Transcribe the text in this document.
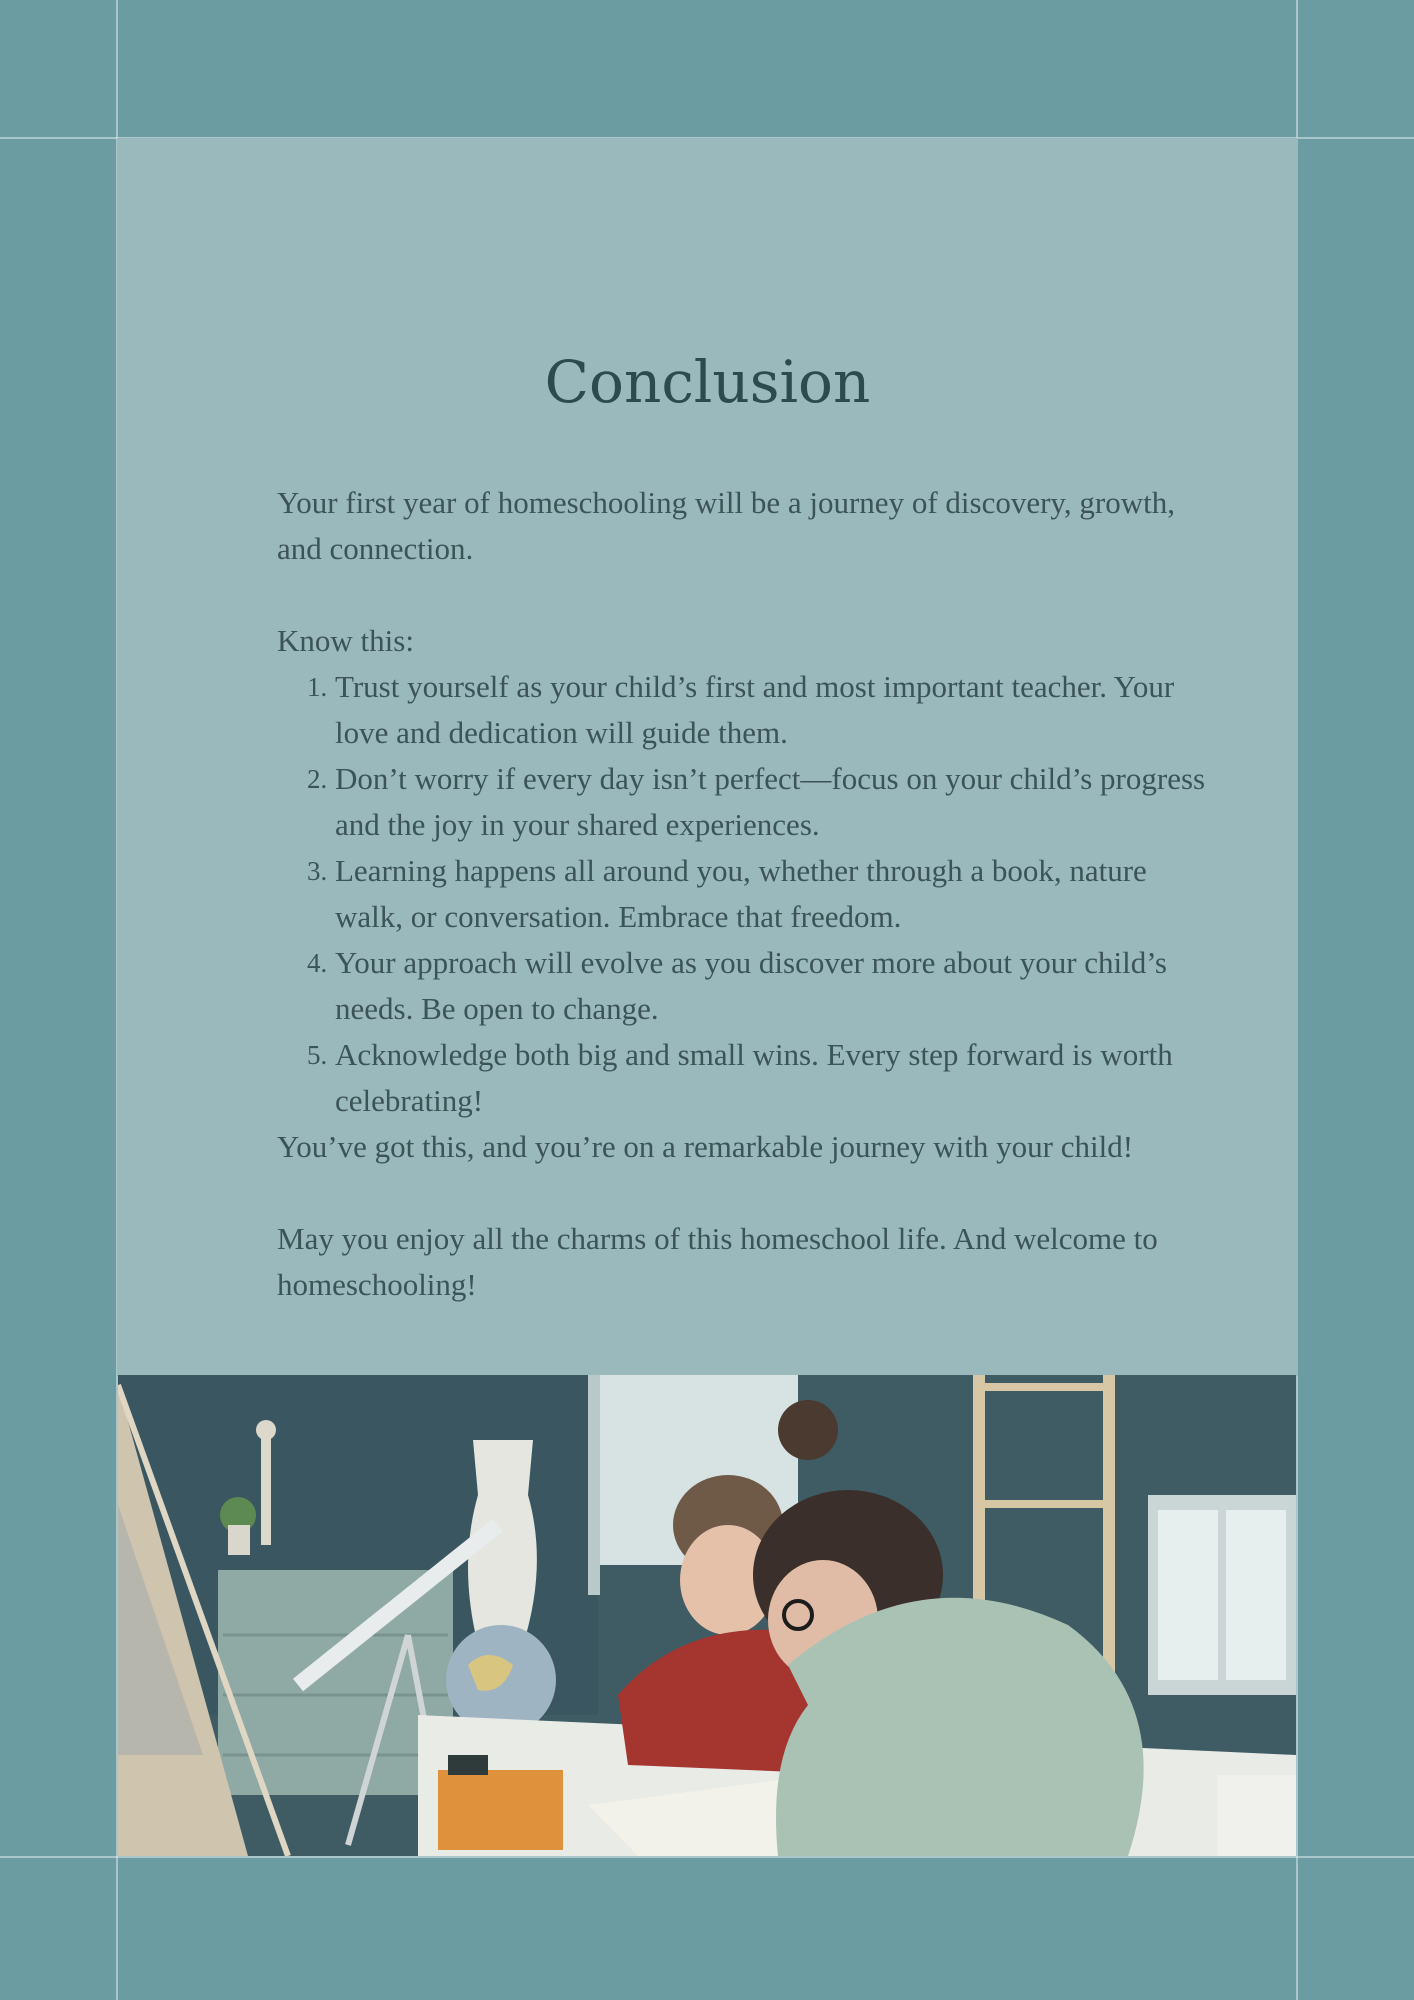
Conclusion

Your first year of homeschooling will be a journey of discovery, growth, and connection.

Know this:

Trust yourself as your child’s first and most important teacher. Your love and dedication will guide them.
Don’t worry if every day isn’t perfect—focus on your child’s progress and the joy in your shared experiences.
Learning happens all around you, whether through a book, nature walk, or conversation. Embrace that freedom.
Your approach will evolve as you discover more about your child’s needs. Be open to change.
Acknowledge both big and small wins. Every step forward is worth celebrating!

You’ve got this, and you’re on a remarkable journey with your child!

May you enjoy all the charms of this homeschool life. And welcome to homeschooling!
